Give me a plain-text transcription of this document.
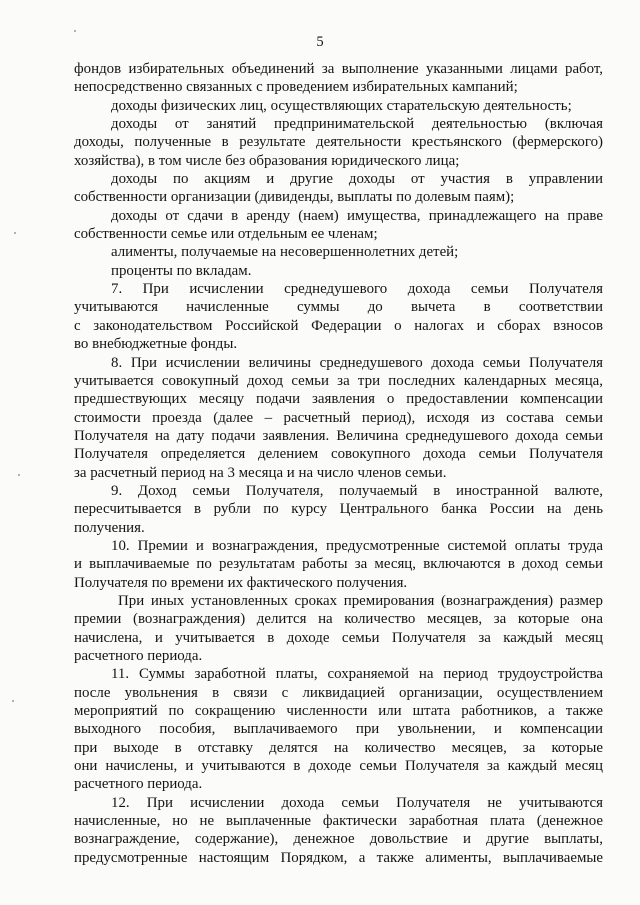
5
фондов избирательных объединений за выполнение указанными лицами работ,
непосредственно связанных с проведением избирательных кампаний;
доходы физических лиц, осуществляющих старательскую деятельность;
доходы от занятий предпринимательской деятельностью (включая
доходы, полученные в результате деятельности крестьянского (фермерского)
хозяйства), в том числе без образования юридического лица;
доходы по акциям и другие доходы от участия в управлении
собственности организации (дивиденды, выплаты по долевым паям);
доходы от сдачи в аренду (наем) имущества, принадлежащего на праве
собственности семье или отдельным ее членам;
алименты, получаемые на несовершеннолетних детей;
проценты по вкладам.
7. При исчислении среднедушевого дохода семьи Получателя
учитываются начисленные суммы до вычета в соответствии
с законодательством Российской Федерации о налогах и сборах взносов
во внебюджетные фонды.
8. При исчислении величины среднедушевого дохода семьи Получателя
учитывается совокупный доход семьи за три последних календарных месяца,
предшествующих месяцу подачи заявления о предоставлении компенсации
стоимости проезда (далее – расчетный период), исходя из состава семьи
Получателя на дату подачи заявления. Величина среднедушевого дохода семьи
Получателя определяется делением совокупного дохода семьи Получателя
за расчетный период на 3 месяца и на число членов семьи.
9. Доход семьи Получателя, получаемый в иностранной валюте,
пересчитывается в рубли по курсу Центрального банка России на день
получения.
10. Премии и вознаграждения, предусмотренные системой оплаты труда
и выплачиваемые по результатам работы за месяц, включаются в доход семьи
Получателя по времени их фактического получения.
При иных установленных сроках премирования (вознаграждения) размер
премии (вознаграждения) делится на количество месяцев, за которые она
начислена, и учитывается в доходе семьи Получателя за каждый месяц
расчетного периода.
11. Суммы заработной платы, сохраняемой на период трудоустройства
после увольнения в связи с ликвидацией организации, осуществлением
мероприятий по сокращению численности или штата работников, а также
выходного пособия, выплачиваемого при увольнении, и компенсации
при выходе в отставку делятся на количество месяцев, за которые
они начислены, и учитываются в доходе семьи Получателя за каждый месяц
расчетного периода.
12. При исчислении дохода семьи Получателя не учитываются
начисленные, но не выплаченные фактически заработная плата (денежное
вознаграждение, содержание), денежное довольствие и другие выплаты,
предусмотренные настоящим Порядком, а также алименты, выплачиваемые
